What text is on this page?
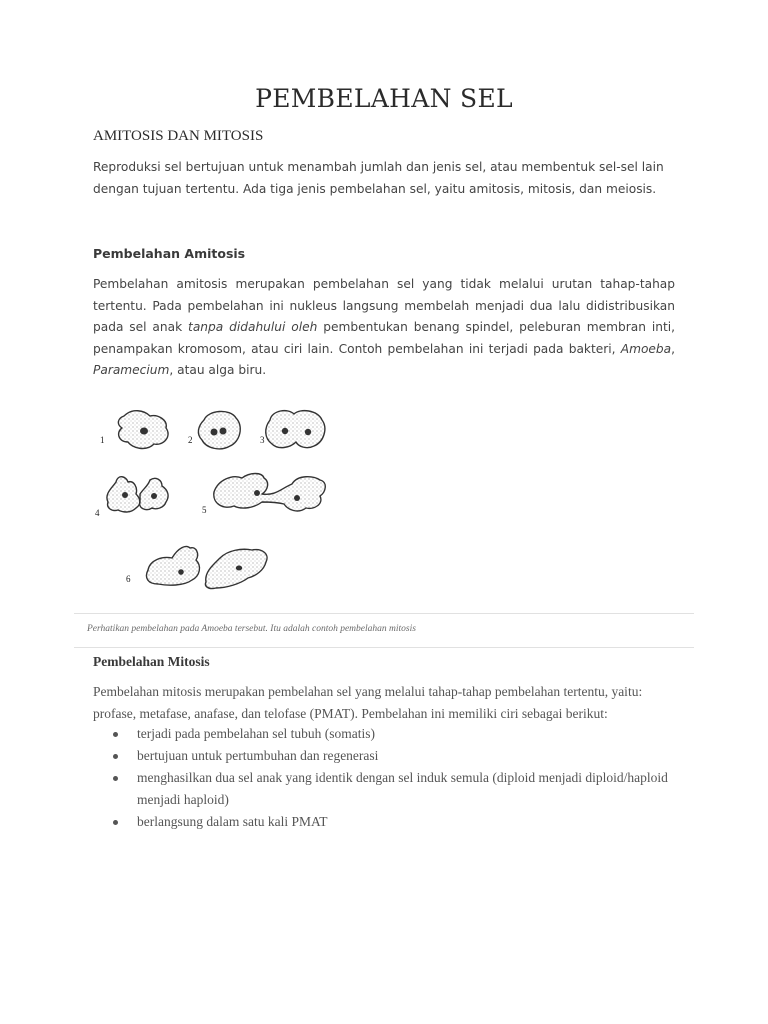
PEMBELAHAN SEL
AMITOSIS DAN MITOSIS
Reproduksi sel bertujuan untuk menambah jumlah dan jenis sel, atau membentuk sel-sel lain dengan tujuan tertentu. Ada tiga jenis pembelahan sel, yaitu amitosis, mitosis, dan meiosis.
Pembelahan Amitosis
Pembelahan amitosis merupakan pembelahan sel yang tidak melalui urutan tahap-tahap tertentu. Pada pembelahan ini nukleus langsung membelah menjadi dua lalu didistribusikan pada sel anak tanpa didahului oleh pembentukan benang spindel, peleburan membran inti, penampakan kromosom, atau ciri lain. Contoh pembelahan ini terjadi pada bakteri, Amoeba, Paramecium, atau alga biru.
1	2	3
4	5
6
Perhatikan pembelahan pada Amoeba tersebut. Itu adalah contoh pembelahan mitosis
Pembelahan Mitosis
Pembelahan mitosis merupakan pembelahan sel yang melalui tahap-tahap pembelahan tertentu, yaitu: profase, metafase, anafase, dan telofase (PMAT). Pembelahan ini memiliki ciri sebagai berikut:
terjadi pada pembelahan sel tubuh (somatis)
bertujuan untuk pertumbuhan dan regenerasi
menghasilkan dua sel anak yang identik dengan sel induk semula (diploid menjadi diploid/haploid menjadi haploid)
berlangsung dalam satu kali PMAT
